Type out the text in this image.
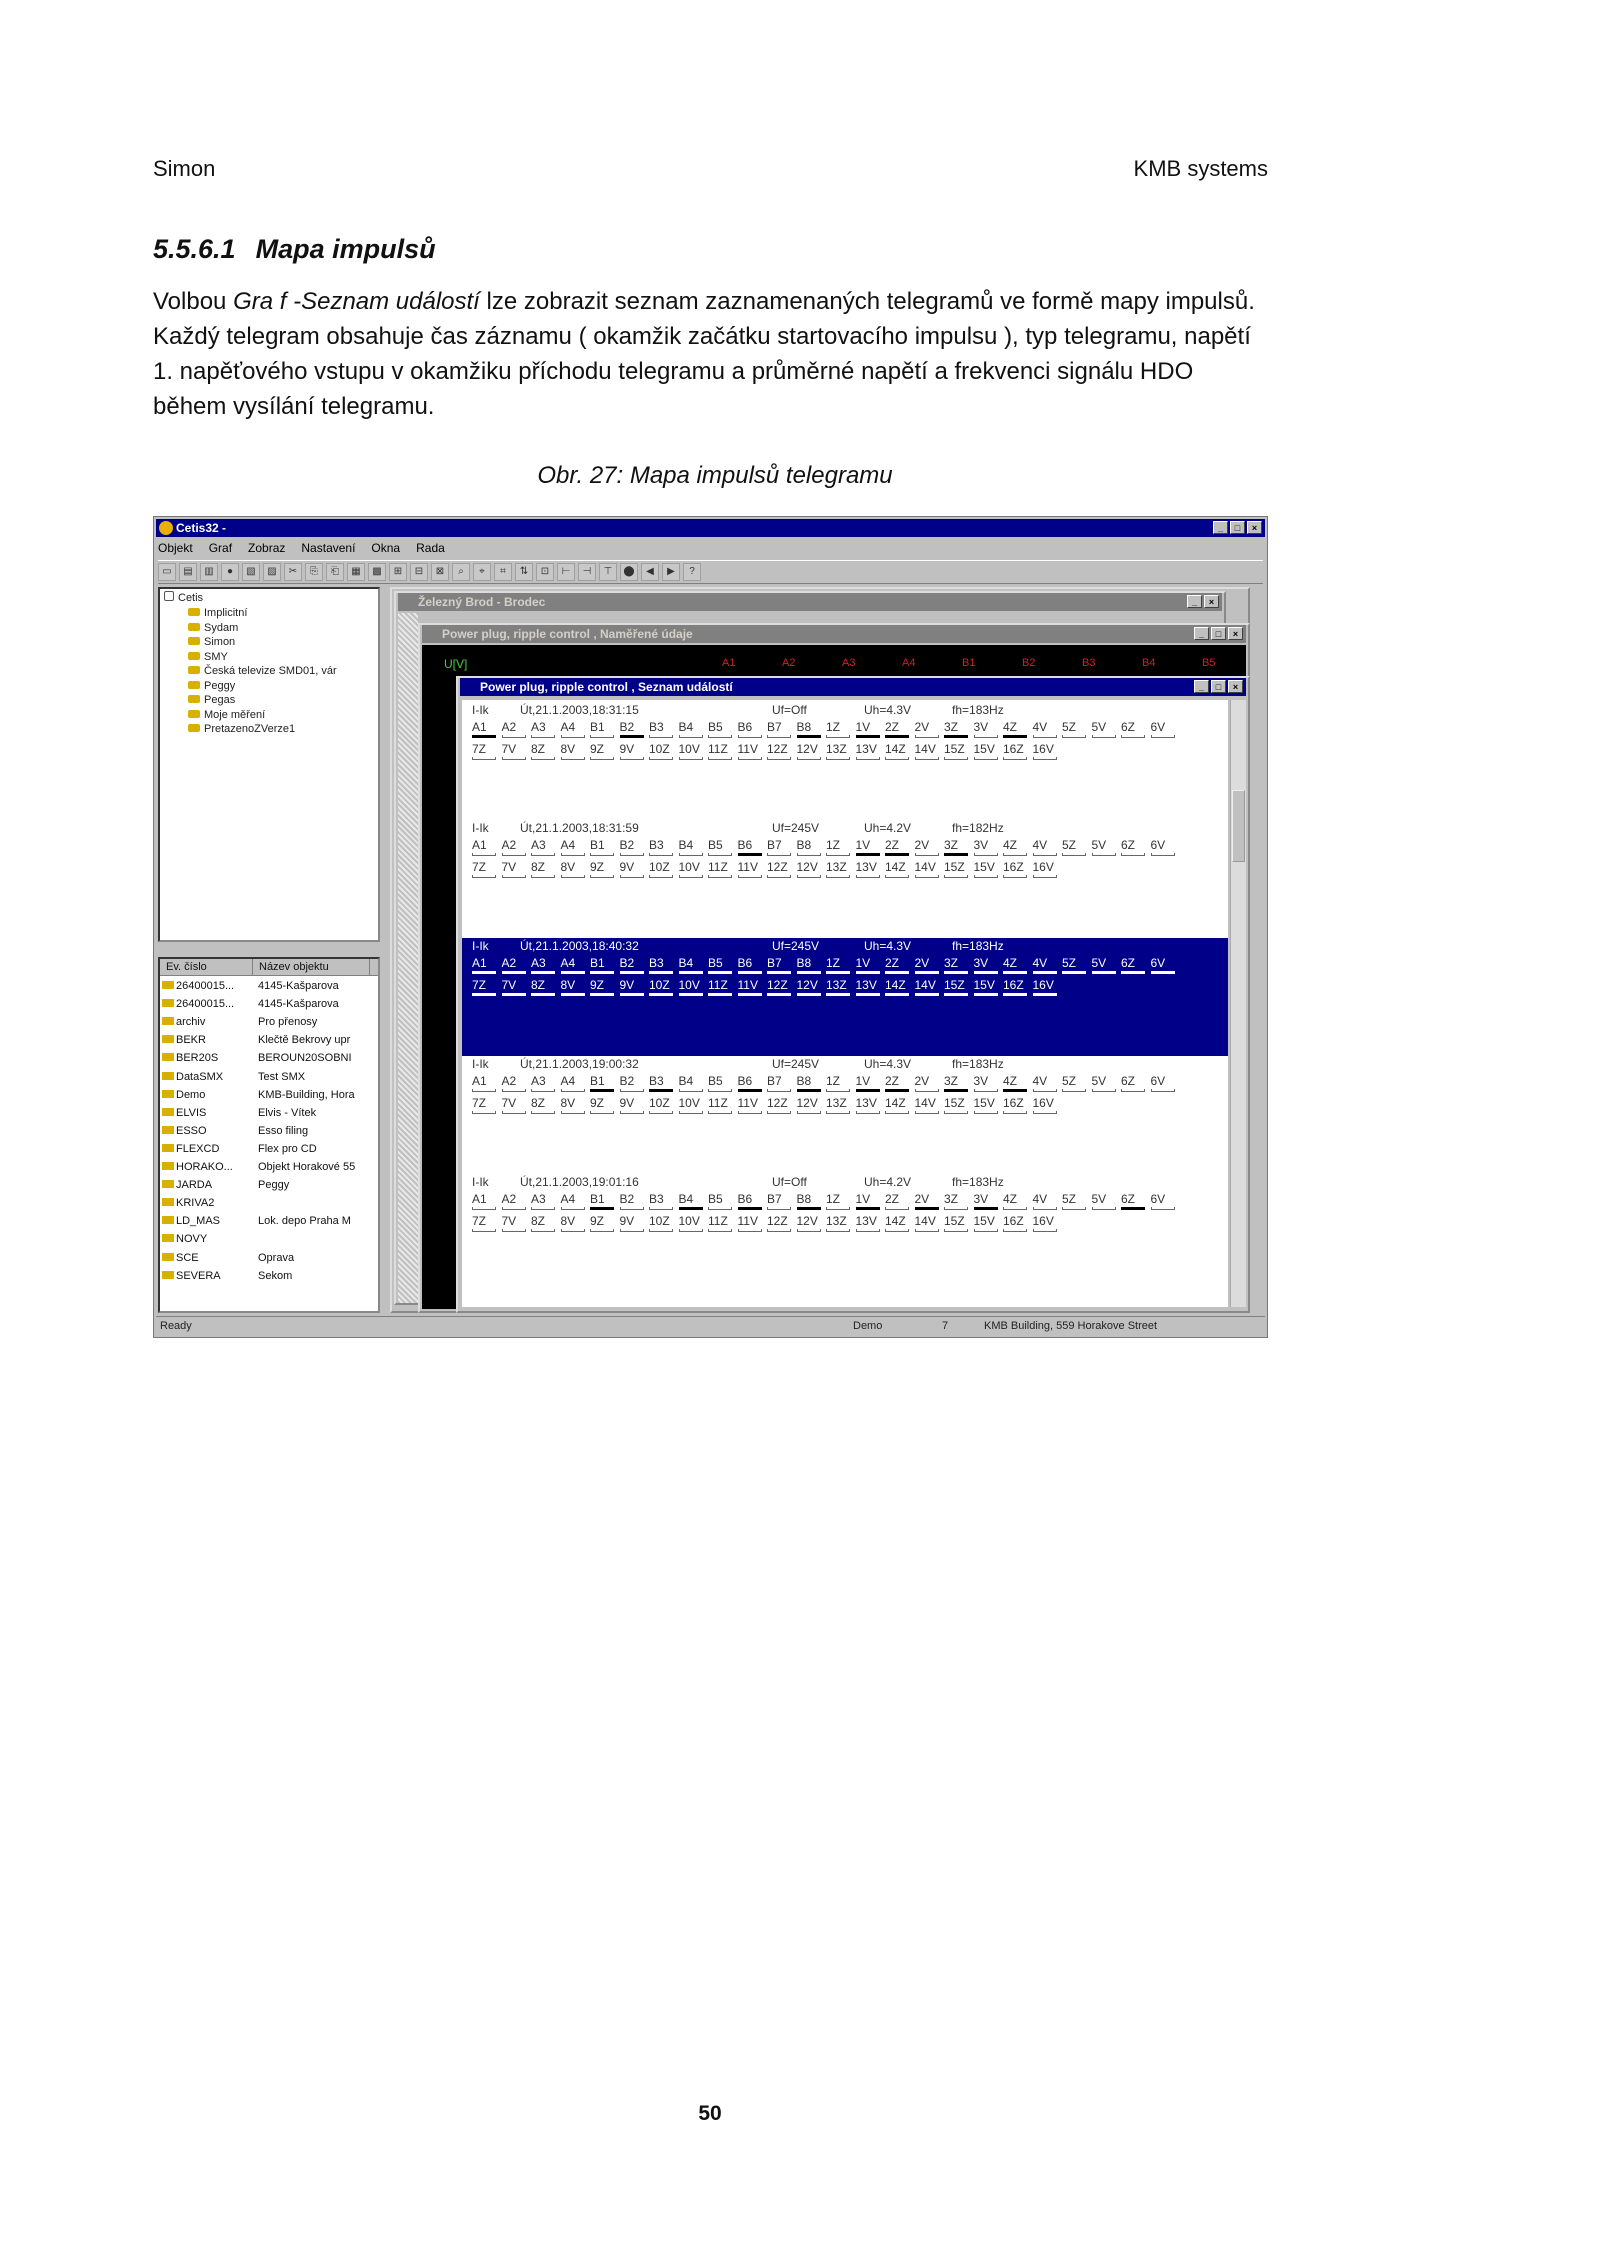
Simon	KMB systems
5.5.6.1 Mapa impulsů

Volbou Gra f -Seznam událostí lze zobrazit seznam zaznamenaných telegramů ve formě mapy impulsů. Každý telegram obsahuje čas záznamu ( okamžik začátku startovacího impulsu ), typ telegramu, napětí 1. napěťového vstupu v okamžiku příchodu telegramu a průměrné napětí a frekvenci signálu HDO během vysílání telegramu.

Obr. 27: Mapa impulsů telegramu
Cetis32 -	_	□	×
Objekt Graf Zobraz Nastavení Okna Rada
▭	▤	▥	●	▧	▨	✂	⎘	⎗	▦	▩	⊞	⊟	⊠	⌕	⌖	⌗	⇅	⊡	⊢	⊣	⊤	⬤	◀	▶	?
Cetis
Implicitní
Sydam
Simon
SMY
Česká televize SMD01, vár
Peggy
Pegas
Moje měření
PretazenoZVerze1
Ev. číslo	Název objektu
26400015...	4145-Kašparova
26400015...	4145-Kašparova
archiv	Pro přenosy
BEKR	Klečtě Bekrovy upr
BER20S	BEROUN20SOBNI
DataSMX	Test SMX
Demo	KMB-Building, Hora
ELVIS	Elvis - Vítek
ESSO	Esso filing
FLEXCD	Flex pro CD
HORAKO...	Objekt Horakové 55
JARDA	Peggy
KRIVA2
LD_MAS	Lok. depo Praha M
NOVY
SCE	Oprava
SEVERA	Sekom
Železný Brod - Brodec	_	×
Power plug, ripple control , Naměřené údaje	_	□	×
U[V]	A1	A2	A3	A4	B1	B2	B3	B4	B5
Power plug, ripple control , Seznam událostí	_	□	×
I-Ik	Út,21.1.2003,18:31:15	Uf=Off	Uh=4.3V	fh=183Hz
A1	A2	A3	A4	B1	B2	B3	B4	B5	B6	B7	B8	1Z	1V	2Z	2V	3Z	3V	4Z	4V	5Z	5V	6Z	6V
7Z	7V	8Z	8V	9Z	9V	10Z 10V 11Z 11V 12Z 12V 13Z 13V 14Z 14V 15Z 15V 16Z 16V
I-Ik	Út,21.1.2003,18:31:59	Uf=245V	Uh=4.2V	fh=182Hz
A1	A2	A3	A4	B1	B2	B3	B4	B5	B6	B7	B8	1Z	1V	2Z	2V	3Z	3V	4Z	4V	5Z	5V	6Z	6V
7Z	7V	8Z	8V	9Z	9V	10Z 10V 11Z 11V 12Z 12V 13Z 13V 14Z 14V 15Z 15V 16Z 16V
I-Ik	Út,21.1.2003,18:40:32	Uf=245V	Uh=4.3V	fh=183Hz
A1	A2	A3	A4	B1	B2	B3	B4	B5	B6	B7	B8	1Z	1V	2Z	2V	3Z	3V	4Z	4V	5Z	5V	6Z	6V
7Z	7V	8Z	8V	9Z	9V	10Z 10V 11Z 11V 12Z 12V 13Z 13V 14Z 14V 15Z 15V 16Z 16V
I-Ik	Út,21.1.2003,19:00:32	Uf=245V	Uh=4.3V	fh=183Hz
A1	A2	A3	A4	B1	B2	B3	B4	B5	B6	B7	B8	1Z	1V	2Z	2V	3Z	3V	4Z	4V	5Z	5V	6Z	6V
7Z	7V	8Z	8V	9Z	9V	10Z 10V 11Z 11V 12Z 12V 13Z 13V 14Z 14V 15Z 15V 16Z 16V
I-Ik	Út,21.1.2003,19:01:16	Uf=Off	Uh=4.2V	fh=183Hz
A1	A2	A3	A4	B1	B2	B3	B4	B5	B6	B7	B8	1Z	1V	2Z	2V	3Z	3V	4Z	4V	5Z	5V	6Z	6V
7Z	7V	8Z	8V	9Z	9V	10Z 10V 11Z 11V 12Z 12V 13Z 13V 14Z 14V 15Z 15V 16Z 16V
Ready	Demo	7	KMB Building, 559 Horakove Street
50
